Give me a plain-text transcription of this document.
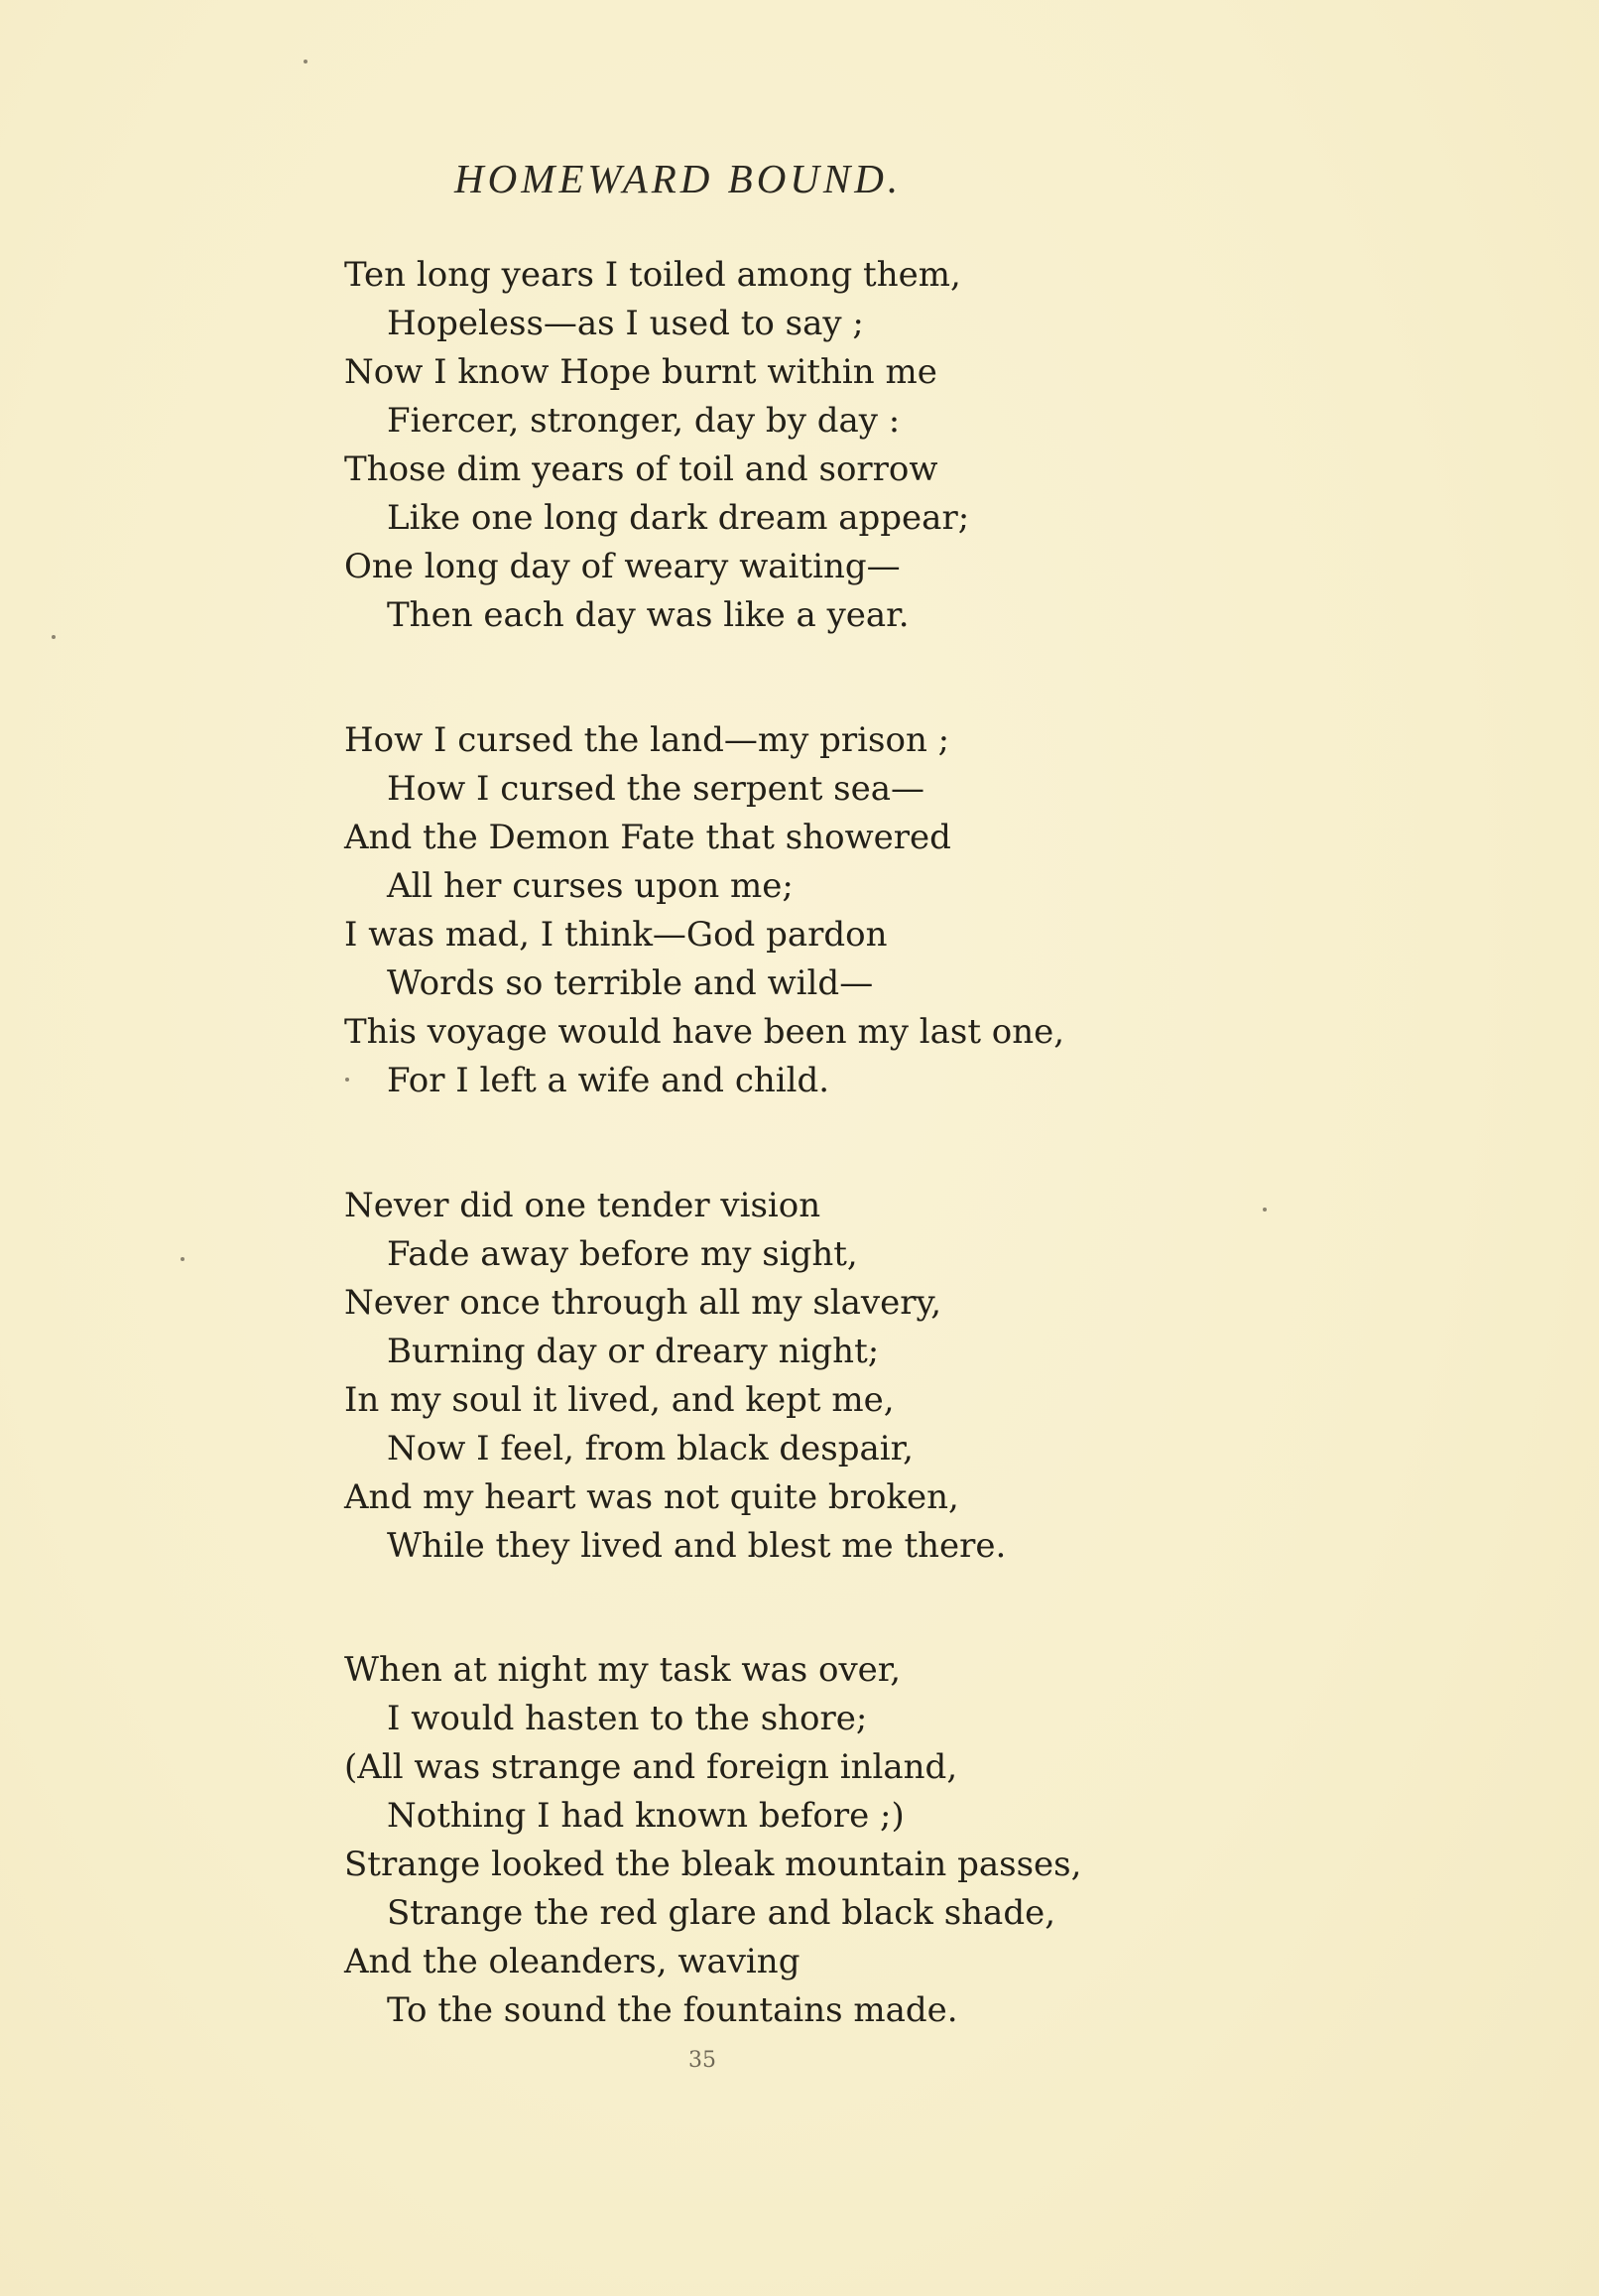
HOMEWARD BOUND.
Ten long years I toiled among them,
Hopeless—as I used to say ;
Now I know Hope burnt within me
Fiercer, stronger, day by day :
Those dim years of toil and sorrow
Like one long dark dream appear;
One long day of weary waiting—
Then each day was like a year.
How I cursed the land—my prison ;
How I cursed the serpent sea—
And the Demon Fate that showered
All her curses upon me;
I was mad, I think—God pardon
Words so terrible and wild—
This voyage would have been my last one,
For I left a wife and child.
Never did one tender vision
Fade away before my sight,
Never once through all my slavery,
Burning day or dreary night;
In my soul it lived, and kept me,
Now I feel, from black despair,
And my heart was not quite broken,
While they lived and blest me there.
When at night my task was over,
I would hasten to the shore;
(All was strange and foreign inland,
Nothing I had known before ;)
Strange looked the bleak mountain passes,
Strange the red glare and black shade,
And the oleanders, waving
To the sound the fountains made.
35
